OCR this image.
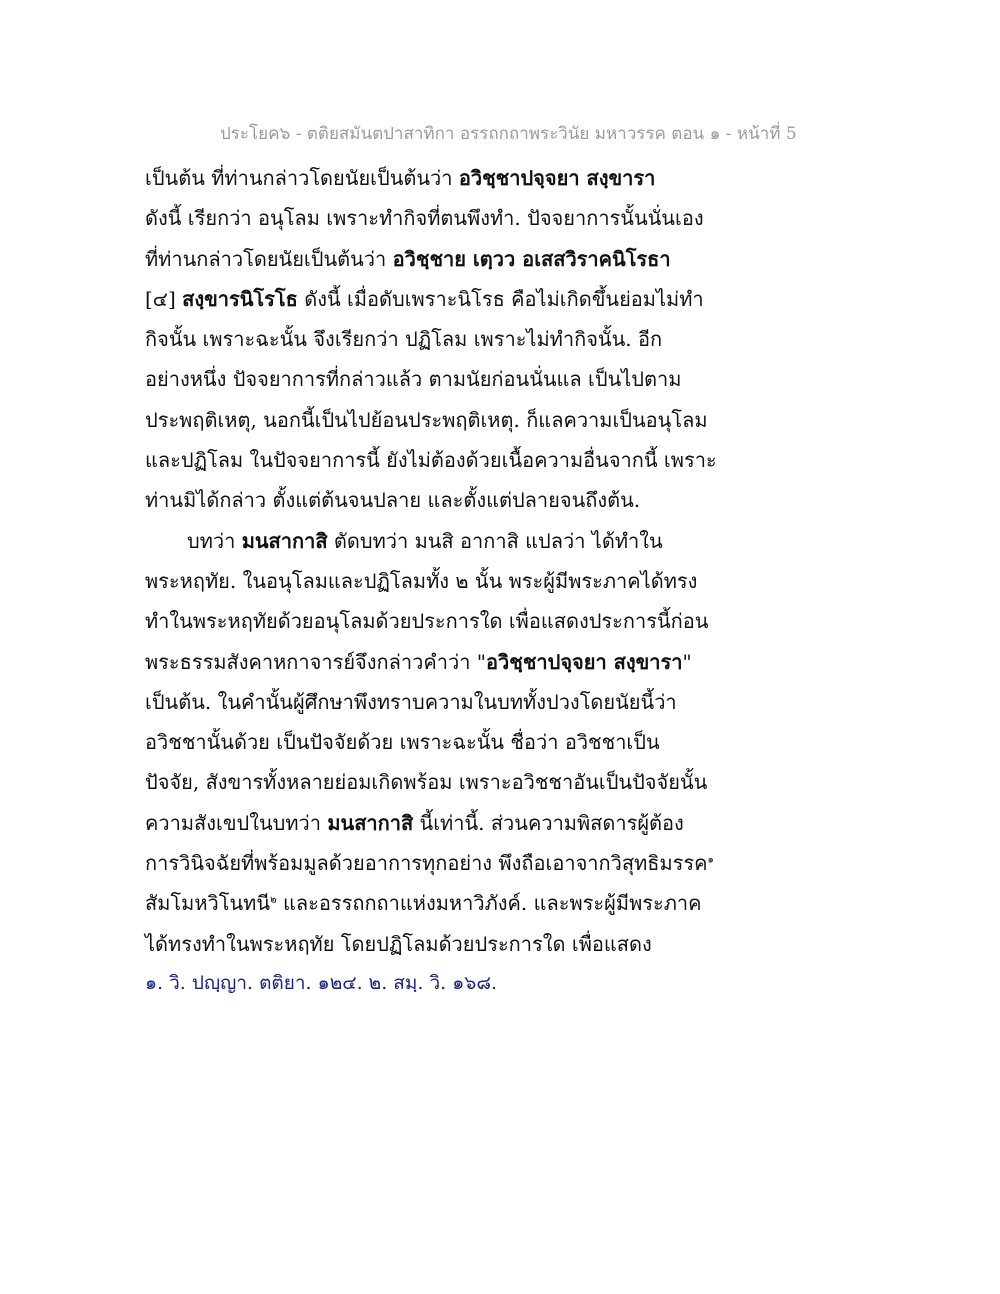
ประโยค๖ - ตติยสมันตปาสาทิกา อรรถกถาพระวินัย มหาวรรค ตอน ๑ - หน้าที่ 5
เป็นต้น ที่ท่านกล่าวโดยนัยเป็นต้นว่า อวิชฺชาปจฺจยา สงฺขารา
ดังนี้ เรียกว่า อนุโลม เพราะทำกิจที่ตนพึงทำ. ปัจจยาการนั้นนั่นเอง
ที่ท่านกล่าวโดยนัยเป็นต้นว่า อวิชฺชาย เตฺวว อเสสวิราคนิโรธา
[๔] สงฺขารนิโรโธ ดังนี้ เมื่อดับเพราะนิโรธ คือไม่เกิดขึ้นย่อมไม่ทำ
กิจนั้น เพราะฉะนั้น จึงเรียกว่า ปฏิโลม เพราะไม่ทำกิจนั้น. อีก
อย่างหนึ่ง ปัจจยาการที่กล่าวแล้ว ตามนัยก่อนนั่นแล เป็นไปตาม
ประพฤติเหตุ, นอกนี้เป็นไปย้อนประพฤติเหตุ. ก็แลความเป็นอนุโลม
และปฏิโลม ในปัจจยาการนี้ ยังไม่ต้องด้วยเนื้อความอื่นจากนี้ เพราะ
ท่านมิได้กล่าว ตั้งแต่ต้นจนปลาย และตั้งแต่ปลายจนถึงต้น.
บทว่า มนสากาสิ ตัดบทว่า มนสิ อากาสิ แปลว่า ได้ทำใน
พระหฤทัย. ในอนุโลมและปฏิโลมทั้ง ๒ นั้น พระผู้มีพระภาคได้ทรง
ทำในพระหฤทัยด้วยอนุโลมด้วยประการใด เพื่อแสดงประการนี้ก่อน
พระธรรมสังคาหกาจารย์จึงกล่าวคำว่า "อวิชฺชาปจฺจยา สงฺขารา"
เป็นต้น. ในคำนั้นผู้ศึกษาพึงทราบความในบททั้งปวงโดยนัยนี้ว่า
อวิชชานั้นด้วย เป็นปัจจัยด้วย เพราะฉะนั้น ชื่อว่า อวิชชาเป็น
ปัจจัย, สังขารทั้งหลายย่อมเกิดพร้อม เพราะอวิชชาอันเป็นปัจจัยนั้น
ความสังเขปในบทว่า มนสากาสิ นี้เท่านี้. ส่วนความพิสดารผู้ต้อง
การวินิจฉัยที่พร้อมมูลด้วยอาการทุกอย่าง พึงถือเอาจากวิสุทธิมรรค$^๑$
สัมโมหวิโนทนี$^๒$ และอรรถกถาแห่งมหาวิภังค์. และพระผู้มีพระภาค
ได้ทรงทำในพระหฤทัย โดยปฏิโลมด้วยประการใด เพื่อแสดง
๑. วิ. ปญฺญา. ตติยา. ๑๒๔. ๒. สมฺ. วิ. ๑๖๘.
